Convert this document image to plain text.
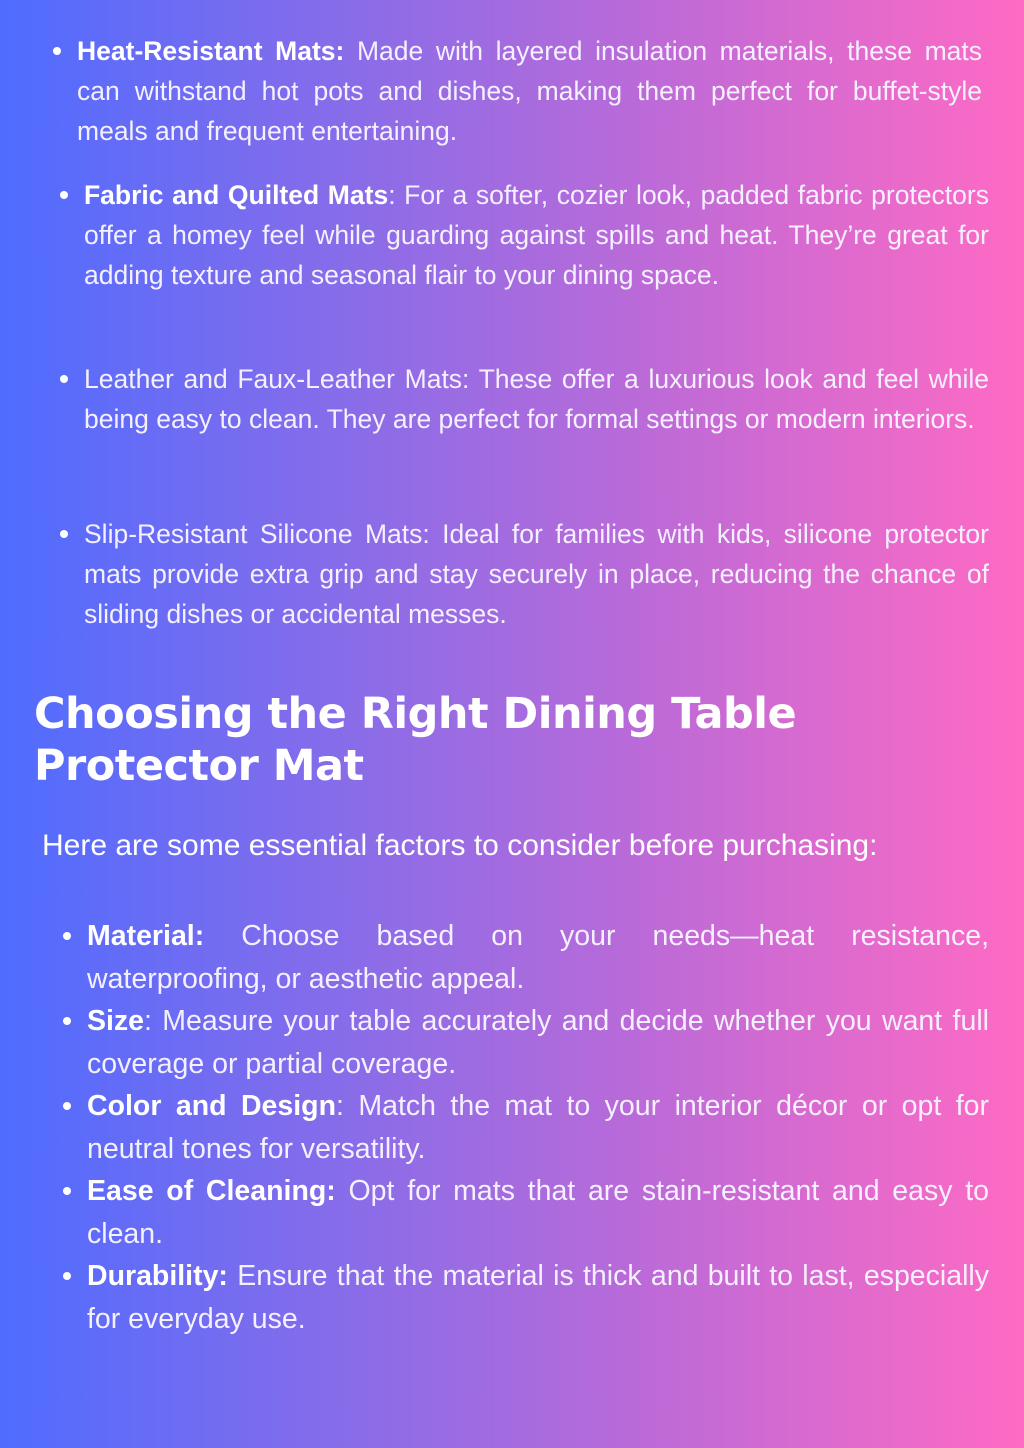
Heat-Resistant Mats: Made with layered insulation materials, these mats can withstand hot pots and dishes, making them perfect for buffet-style meals and frequent entertaining.
Fabric and Quilted Mats: For a softer, cozier look, padded fabric protectors offer a homey feel while guarding against spills and heat. They’re great for adding texture and seasonal flair to your dining space.
Leather and Faux-Leather Mats: These offer a luxurious look and feel while being easy to clean. They are perfect for formal settings or modern interiors.
Slip-Resistant Silicone Mats: Ideal for families with kids, silicone protector mats provide extra grip and stay securely in place, reducing the chance of sliding dishes or accidental messes.
Choosing the Right Dining Table Protector Mat

Here are some essential factors to consider before purchasing:

Material: Choose based on your needs—heat resistance, waterproofing, or aesthetic appeal.
Size: Measure your table accurately and decide whether you want full coverage or partial coverage.
Color and Design: Match the mat to your interior décor or opt for neutral tones for versatility.
Ease of Cleaning: Opt for mats that are stain-resistant and easy to clean.
Durability: Ensure that the material is thick and built to last, especially for everyday use.
